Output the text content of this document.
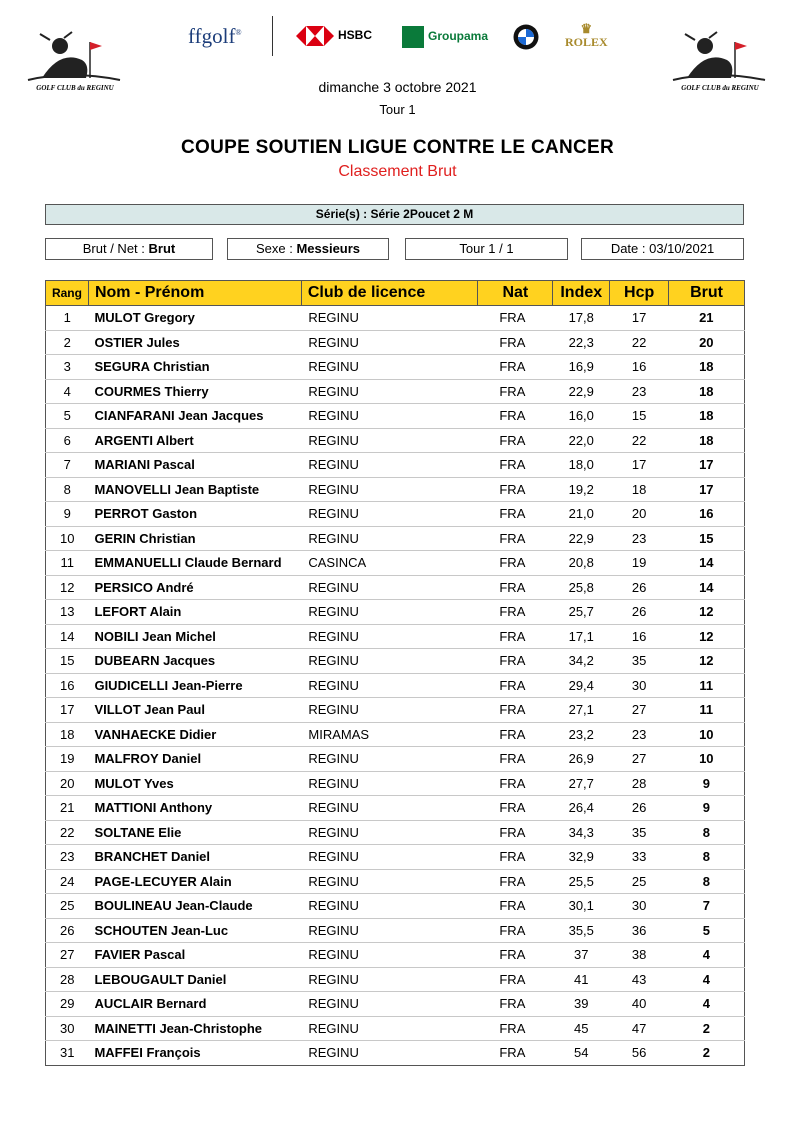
GOLF CLUB du REGINU	GOLF CLUB du REGINU
ffgolf®	HSBC	Groupama
♛
ROLEX
dimanche 3 octobre 2021
Tour 1
COUPE SOUTIEN LIGUE CONTRE LE CANCER
Classement Brut
Série(s) : Série 2Poucet 2 M
Brut / Net : Brut	Sexe : Messieurs	Tour 1 / 1	Date : 03/10/2021
Rang	Nom - Prénom	Club de licence	Nat	Index	Hcp	Brut
1	MULOT Gregory	REGINU	FRA	17,8	17	21
2	OSTIER Jules	REGINU	FRA	22,3	22	20
3	SEGURA Christian	REGINU	FRA	16,9	16	18
4	COURMES Thierry	REGINU	FRA	22,9	23	18
5	CIANFARANI Jean Jacques	REGINU	FRA	16,0	15	18
6	ARGENTI Albert	REGINU	FRA	22,0	22	18
7	MARIANI Pascal	REGINU	FRA	18,0	17	17
8	MANOVELLI Jean Baptiste	REGINU	FRA	19,2	18	17
9	PERROT Gaston	REGINU	FRA	21,0	20	16
10	GERIN Christian	REGINU	FRA	22,9	23	15
11	EMMANUELLI Claude Bernard	CASINCA	FRA	20,8	19	14
12	PERSICO André	REGINU	FRA	25,8	26	14
13	LEFORT Alain	REGINU	FRA	25,7	26	12
14	NOBILI Jean Michel	REGINU	FRA	17,1	16	12
15	DUBEARN Jacques	REGINU	FRA	34,2	35	12
16	GIUDICELLI Jean-Pierre	REGINU	FRA	29,4	30	11
17	VILLOT Jean Paul	REGINU	FRA	27,1	27	11
18	VANHAECKE Didier	MIRAMAS	FRA	23,2	23	10
19	MALFROY Daniel	REGINU	FRA	26,9	27	10
20	MULOT Yves	REGINU	FRA	27,7	28	9
21	MATTIONI Anthony	REGINU	FRA	26,4	26	9
22	SOLTANE Elie	REGINU	FRA	34,3	35	8
23	BRANCHET Daniel	REGINU	FRA	32,9	33	8
24	PAGE-LECUYER Alain	REGINU	FRA	25,5	25	8
25	BOULINEAU Jean-Claude	REGINU	FRA	30,1	30	7
26	SCHOUTEN Jean-Luc	REGINU	FRA	35,5	36	5
27	FAVIER Pascal	REGINU	FRA	37	38	4
28	LEBOUGAULT Daniel	REGINU	FRA	41	43	4
29	AUCLAIR Bernard	REGINU	FRA	39	40	4
30	MAINETTI Jean-Christophe	REGINU	FRA	45	47	2
31	MAFFEI François	REGINU	FRA	54	56	2
